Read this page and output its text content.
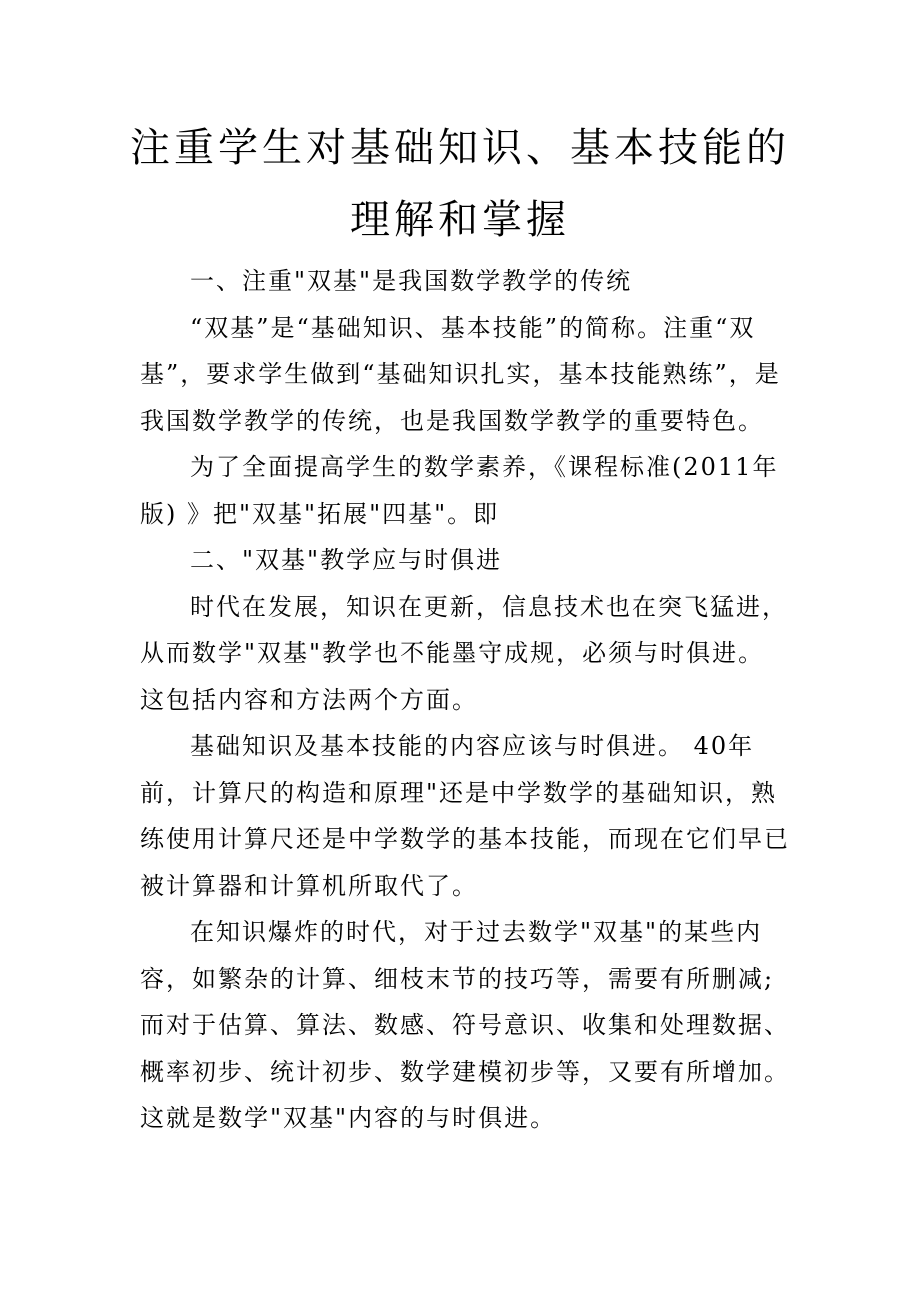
注重学生对基础知识、基本技能的
理解和掌握

一、注重"双基"是我国数学教学的传统

“双基”是“基础知识、基本技能”的简称。注重“双基”，要求学生做到“基础知识扎实，基本技能熟练”，是我国数学教学的传统，也是我国数学教学的重要特色。

为了全面提高学生的数学素养，《课程标准(2011年版) 》把"双基"拓展"四基"。即

二、"双基"教学应与时俱进

时代在发展，知识在更新，信息技术也在突飞猛进，从而数学"双基"教学也不能墨守成规，必须与时俱进。这包括内容和方法两个方面。

基础知识及基本技能的内容应该与时俱进。 40年前，计算尺的构造和原理"还是中学数学的基础知识，熟练使用计算尺还是中学数学的基本技能，而现在它们早已被计算器和计算机所取代了。

在知识爆炸的时代，对于过去数学"双基"的某些内容，如繁杂的计算、细枝末节的技巧等，需要有所删减;而对于估算、算法、数感、符号意识、收集和处理数据、概率初步、统计初步、数学建模初步等，又要有所增加。这就是数学"双基"内容的与时俱进。
